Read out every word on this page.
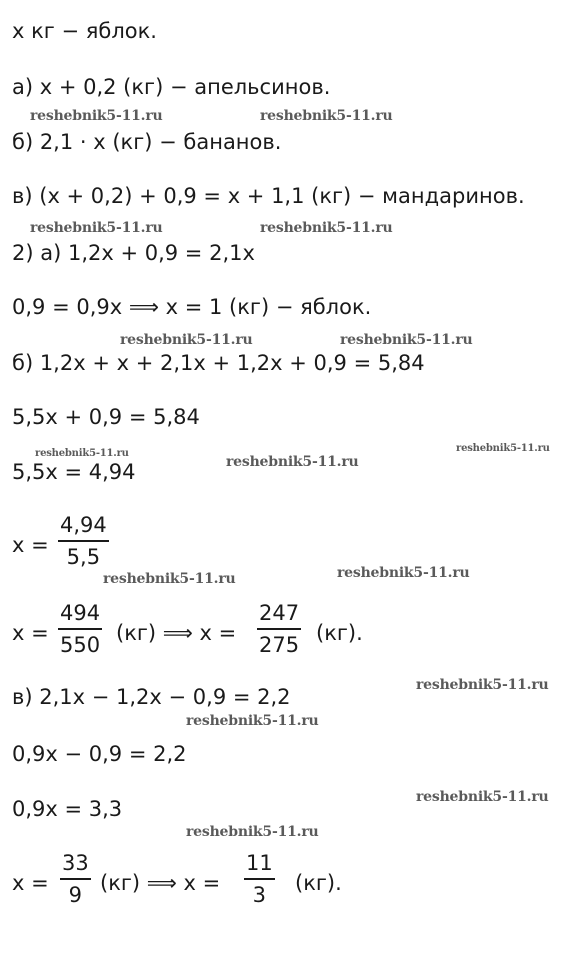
x кг − яблок.
а) x + 0,2 (кг) − апельсинов.
б) 2,1 · x (кг) − бананов.
в) (x + 0,2) + 0,9 = x + 1,1 (кг) − мандаринов.
2) а) 1,2x + 0,9 = 2,1x
0,9 = 0,9x ⟹ x = 1 (кг) − яблок.
б) 1,2x + x + 2,1x + 1,2x + 0,9 = 5,84
5,5x + 0,9 = 5,84
5,5x = 4,94
$x = \frac{4,94}{5,5}$
$x = \frac{494}{550} (кг)$ ⟹ $x = \frac{247}{275} (кг)$.
в) 2,1x − 1,2x − 0,9 = 2,2
0,9x − 0,9 = 2,2
0,9x = 3,3
$x = \frac{33}{9} (кг)$ ⟹ $x = \frac{11}{3} (кг)$.
reshebnik5-11.ru	reshebnik5-11.ru
reshebnik5-11.ru	reshebnik5-11.ru
reshebnik5-11.ru	reshebnik5-11.ru
reshebnik5-11.ru
reshebnik5-11.ru
reshebnik5-11.ru
reshebnik5-11.ru	reshebnik5-11.ru
reshebnik5-11.ru
reshebnik5-11.ru
reshebnik5-11.ru
reshebnik5-11.ru
